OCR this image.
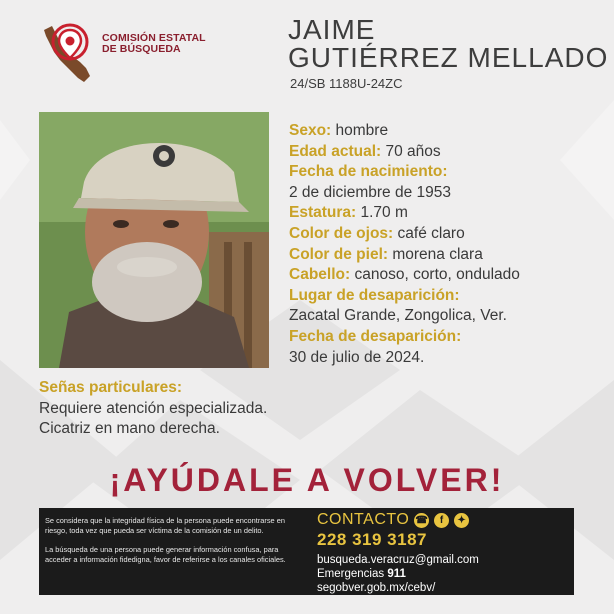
COMISIÓN ESTATAL
DE BÚSQUEDA
JAIME
GUTIÉRREZ MELLADO
24/SB 1188U-24ZC
Sexo: hombre
Edad actual: 70 años
Fecha de nacimiento:
2 de diciembre de 1953
Estatura: 1.70 m
Color de ojos: café claro
Color de piel: morena clara
Cabello: canoso, corto, ondulado
Lugar de desaparición:
Zacatal Grande, Zongolica, Ver.
Fecha de desaparición:
30 de julio de 2024.
Señas particulares:
Requiere atención especializada.
Cicatriz en mano derecha.
¡AYÚDALE A VOLVER!

Se considera que la integridad física de la persona puede encontrarse en riesgo, toda vez que pueda ser víctima de la comisión de un delito.

La búsqueda de una persona puede generar información confusa, para acceder a información fidedigna, favor de referirse a los canales oficiales.

CONTACTO ☎	f	✦
228 319 3187
busqueda.veracruz@gmail.com
Emergencias 911
segobver.gob.mx/cebv/
